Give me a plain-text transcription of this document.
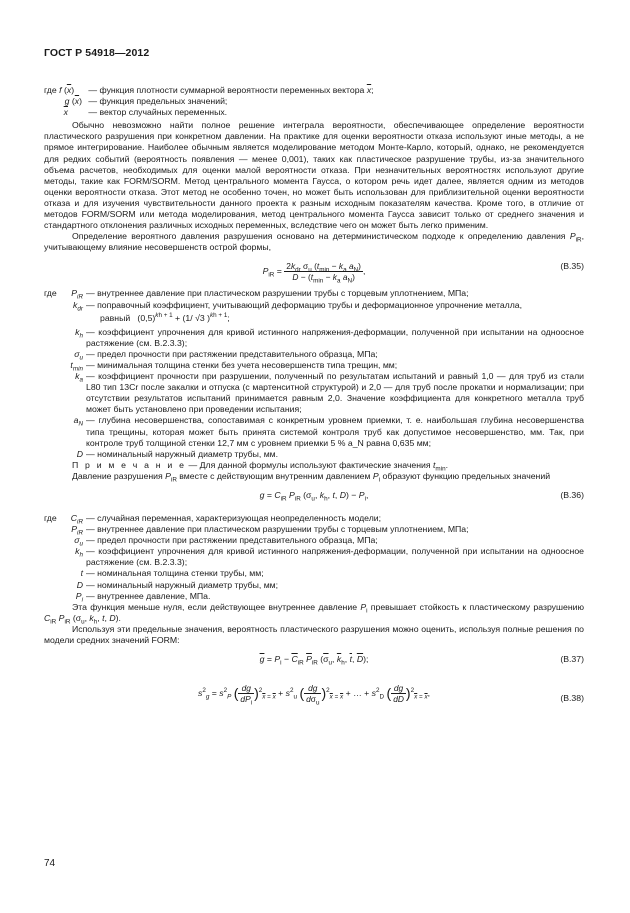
ГОСТ Р 54918—2012
где f $(\overline{x})$	— функция плотности суммарной вероятности переменных вектора $\overline{x}$;
g $(\overline{x})$ — функция предельных значений;
$\overline{x}$	— вектор случайных переменных.

Обычно невозможно найти полное решение интеграла вероятности, обеспечивающее определение вероятности пластического разрушения при конкретном давлении. На практике для оценки вероятности отказа используют иные методы, а не прямое интегрирование. Наиболее обычным является моделирование методом Монте-Карло, который, однако, не рекомендуется для редких событий (вероятность появления — менее 0,001), таких как пластическое разрушение трубы, из-за значительного объема расчетов, необходимых для оценки малой вероятности отказа. При незначительных вероятностях используют другие методы, такие как FORM/SORM. Метод центрального момента Гаусса, о котором речь идет далее, является одним из методов оценки вероятности отказа. Этот метод не особенно точен, но может быть использован для приблизительной оценки вероятности отказа и для изучения чувствительности данного проекта к разным исходным показателям качества. Кроме того, в отличие от методов FORM/SORM или метода моделирования, метод центрального момента Гаусса зависит только от среднего значения и стандартного отклонения различных исходных переменных, вследствие чего он может быть легко применим.

Определение вероятного давления разрушения основано на детерминистическом подходе к определению давления $P_{iR}$, учитывающему влияние несовершенств острой формы,

$P_{iR} = \frac{2k_{dr} \sigma_u (t_{min} - k_a a_N)}{D - (t_{min} - k_a a_N)}$ ,	(B.35)
где $P_{iR}$ — внутреннее давление при пластическом разрушении трубы с торцевым уплотнением, МПа;
$k_{dr}$ — поправочный коэффициент, учитывающий деформацию трубы и деформационное упрочнение металла,
равный   $(0,5)^{kh + 1} + (1/$ √3 )$^{kh + 1}$;
$k_h$ — коэффициент упрочнения для кривой истинного напряжения-деформации, полученной при испытании на одноосное растяжение (см. B.2.3.3);
$\sigma_u$ — предел прочности при растяжении представительного образца, МПа;
$t_{min}$ — минимальная толщина стенки без учета несовершенств типа трещин, мм;
$k_a$ — коэффициент прочности при разрушении, полученный по результатам испытаний и равный 1,0 — для труб из стали L80 тип 13Cr после закалки и отпуска (с мартенситной структурой) и 2,0 — для труб после прокатки и нормализации; при отсутствии результатов испытаний принимается равным 2,0. Значение коэффициента для конкретного металла труб может быть установлено при проведении испытания;
$a_N$ — глубина несовершенства, сопоставимая с конкретным уровнем приемки, т. е. наибольшая глубина несовершенства типа трещины, которая может быть принята системой контроля труб как допустимое несовершенство, мм. Так, при контроле труб толщиной стенки 12,7 мм с уровнем приемки 5 % a_N равна 0,635 мм;
D — номинальный наружный диаметр трубы, мм.

П р и м е ч а н и е — Для данной формулы используют фактические значения $t_{min}$.

Давление разрушения $P_{iR}$ вместе с действующим внутренним давлением $P_i$ образуют функцию предельных значений

$g = C_{iR}$ $P_{iR}$ ($\sigma_u$, $k_h$, t, $D) - P_i$,	(B.36)
где $C_{iR}$ — случайная переменная, характеризующая неопределенность модели;
$P_{iR}$ — внутреннее давление при пластическом разрушении трубы с торцевым уплотнением, МПа;
$\sigma_u$ — предел прочности при растяжении представительного образца, МПа;
$k_h$ — коэффициент упрочнения для кривой истинного напряжения-деформации, полученной при испытании на одноосное растяжение (см. B.2.3.3);
t — номинальная толщина стенки трубы, мм;
D — номинальный наружный диаметр трубы, мм;
$P_i$ — внутреннее давление, МПа.

Эта функция меньше нуля, если действующее внутреннее давление $P_i$ превышает стойкость к пластическому разрушению $C_{iR}$ $P_{iR}$ ($\sigma_u$, $k_h$, t, D).

Используя эти предельные значения, вероятность пластического разрушения можно оценить, используя полные решения по модели средних значений FORM:

$\overline{g} = P_i - \overline{C}_{iR}$ $\overline{P}_{iR}$ ($\overline{\sigma}_u$, $\overline{k}_h$, $\overline{t}$, $\overline{D}$);	(B.37)
$s^2_g = s^2_P$ ( $\frac{dg}{dP_i} )^2_{\overline{x} = \overline{x}} + s^2_u$ ( $\frac{dg}{d\sigma_u} )^2_{\overline{x} = \overline{x}}$ + … + $s^2_D$ ( $\frac{dg}{dD} )^2_{\overline{x} = \overline{x}}$,
(B.38)
74
